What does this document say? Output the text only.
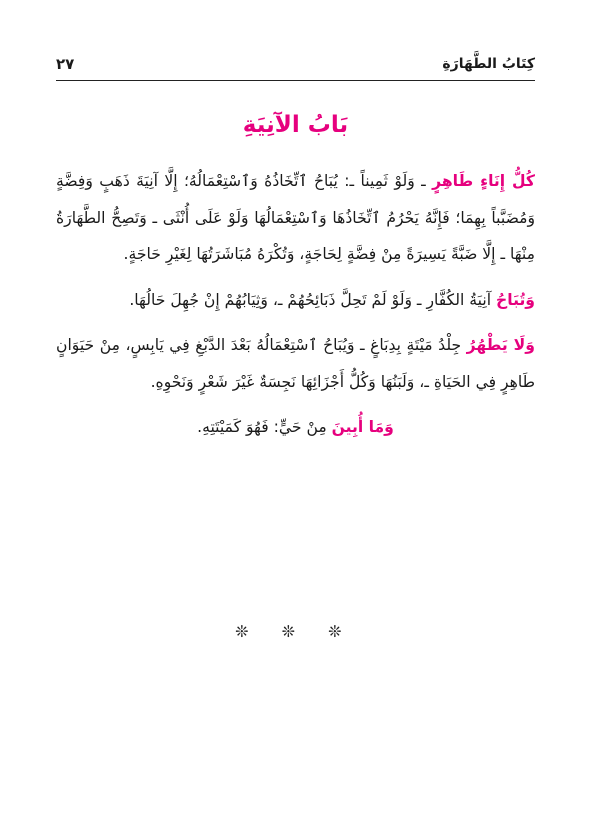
كِتَابُ الطَّهَارَةِ
٢٧
بَابُ الآنِيَةِ

كُلُّ إِنَاءٍ طَاهِرٍ ـ وَلَوْ ثَمِيناً ـ: يُبَاحُ ٱتِّخَاذُهُ وَٱسْتِعْمَالُهُ؛ إِلَّا آنِيَةَ ذَهَبٍ وَفِضَّةٍ وَمُضَبَّباً بِهِمَا؛ فَإِنَّهُ يَحْرُمُ ٱتِّخَاذُهَا وَٱسْتِعْمَالُهَا وَلَوْ عَلَى أُنْثَى ـ وَتَصِحُّ الطَّهَارَةُ مِنْهَا ـ إِلَّا ضَبَّةً يَسِيرَةً مِنْ فِضَّةٍ لِحَاجَةٍ، وَتُكْرَهُ مُبَاشَرَتُهَا لِغَيْرِ حَاجَةٍ.

وَتُبَاحُ آنِيَةُ الكُفَّارِ ـ وَلَوْ لَمْ تَحِلَّ ذَبَائِحُهُمْ ـ، وَثِيَابُهُمْ إِنْ جُهِلَ حَالُهَا.

وَلَا يَطْهُرُ جِلْدُ مَيْتَةٍ بِدِبَاغٍ ـ وَيُبَاحُ ٱسْتِعْمَالُهُ بَعْدَ الدَّبْغِ فِي يَابِسٍ، مِنْ حَيَوَانٍ طَاهِرٍ فِي الحَيَاةِ ـ، وَلَبَنُهَا وَكُلُّ أَجْزَائِهَا نَجِسَةٌ غَيْرَ شَعْرٍ وَنَحْوِهِ.

وَمَا أُبِينَ مِنْ حَيٍّ: فَهُوَ كَمَيْتَتِهِ.

❊ ❊ ❊
